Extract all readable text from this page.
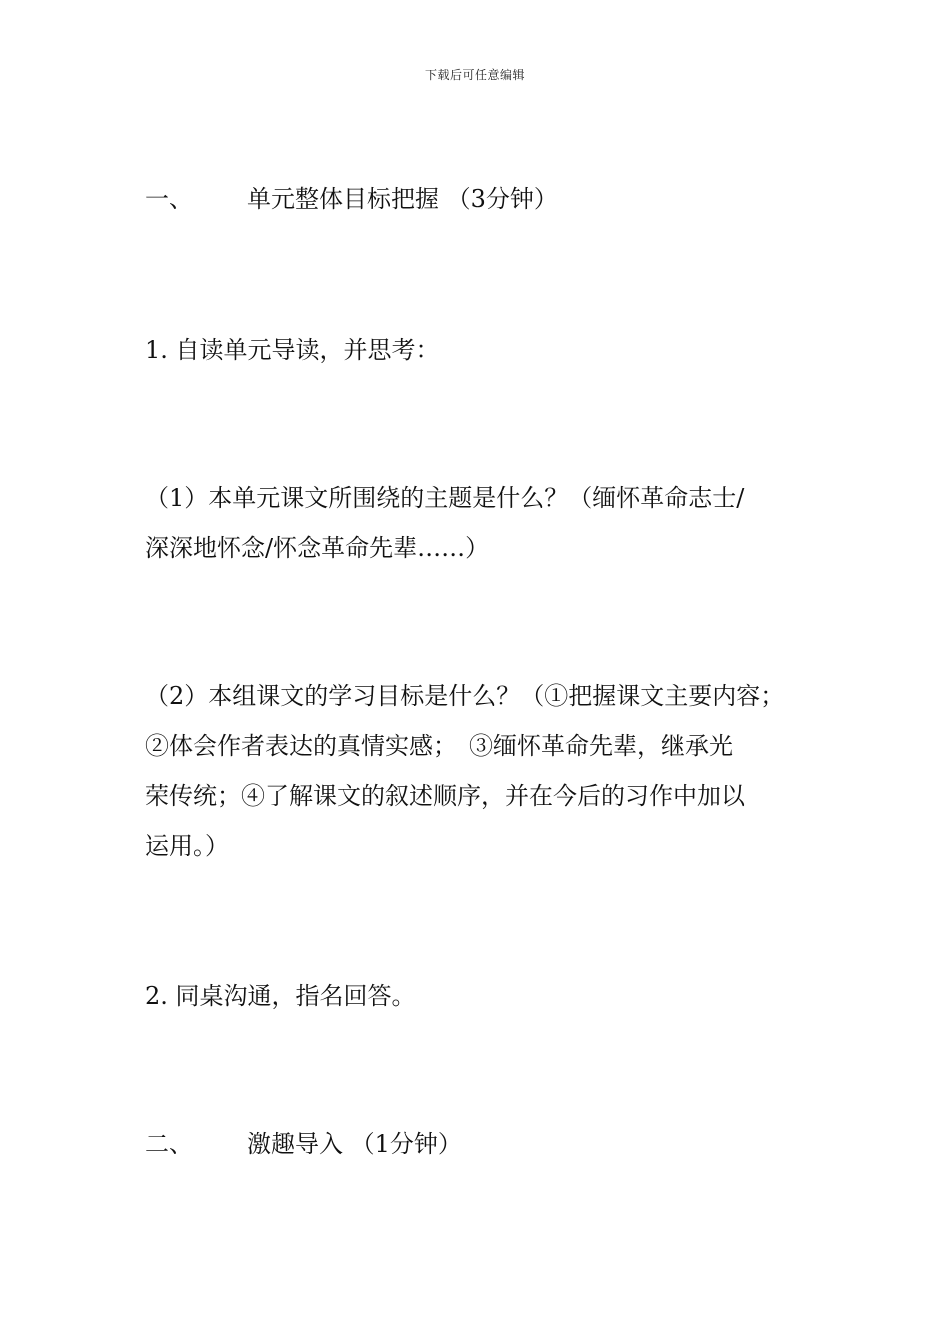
下载后可任意编辑
一、 单元整体目标把握 （3分钟）
1. 自读单元导读，并思考：
（1）本单元课文所围绕的主题是什么？（缅怀革命志士/
深深地怀念/怀念革命先辈……）
（2）本组课文的学习目标是什么？（①把握课文主要内容；
②体会作者表达的真情实感；　③缅怀革命先辈，继承光
荣传统；④了解课文的叙述顺序，并在今后的习作中加以
运用。）
2. 同桌沟通，指名回答。
二、 激趣导入 （1分钟）
